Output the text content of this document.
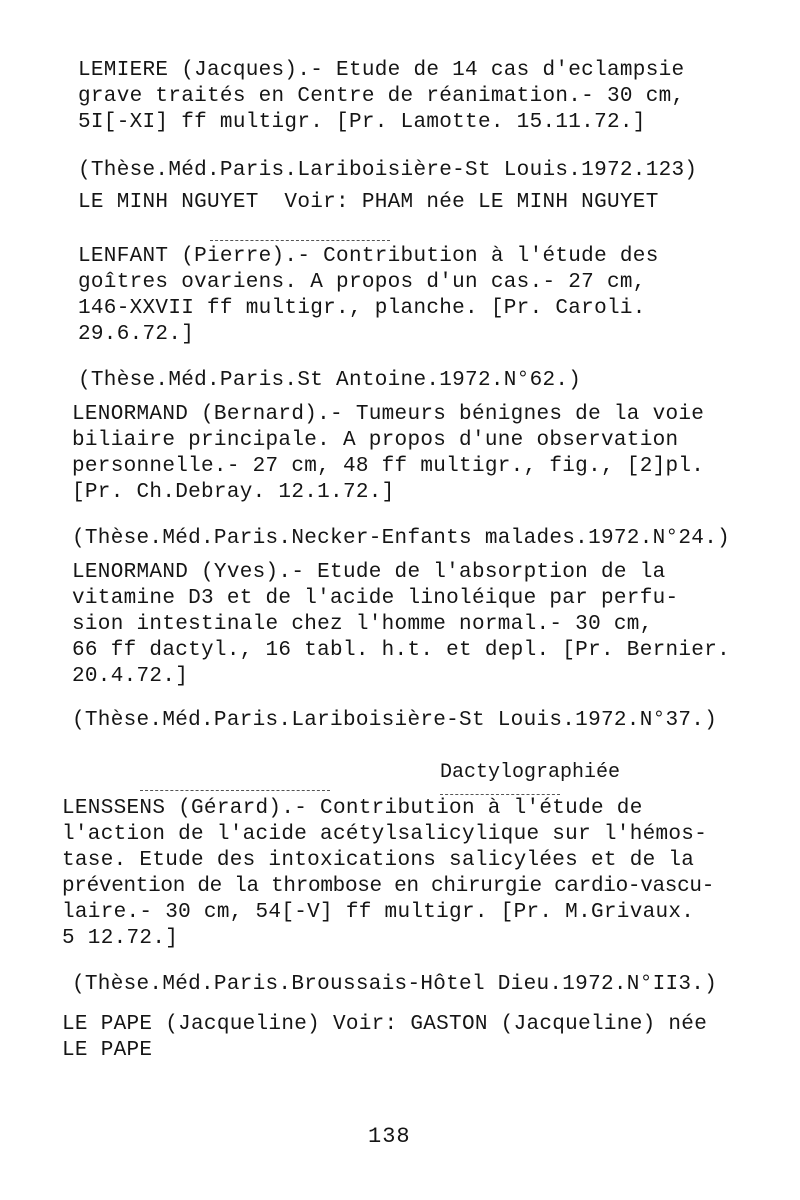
LEMIERE (Jacques).- Etude de 14 cas d'eclampsie
grave traités en Centre de réanimation.- 30 cm,
5I[-XI] ff multigr. [Pr. Lamotte. 15.11.72.]
(Thèse.Méd.Paris.Lariboisière-St Louis.1972.123)
LE MINH NGUYET  Voir: PHAM née LE MINH NGUYET
LENFANT (Pierre).- Contribution à l'étude des
goîtres ovariens. A propos d'un cas.- 27 cm,
146-XXVII ff multigr., planche. [Pr. Caroli.
29.6.72.]
(Thèse.Méd.Paris.St Antoine.1972.N°62.)
LENORMAND (Bernard).- Tumeurs bénignes de la voie
biliaire principale. A propos d'une observation
personnelle.- 27 cm, 48 ff multigr., fig., [2]pl.
[Pr. Ch.Debray. 12.1.72.]
(Thèse.Méd.Paris.Necker-Enfants malades.1972.N°24.)
LENORMAND (Yves).- Etude de l'absorption de la
vitamine D3 et de l'acide linoléique par perfu-
sion intestinale chez l'homme normal.- 30 cm,
66 ff dactyl., 16 tabl. h.t. et depl. [Pr. Bernier.
20.4.72.]
(Thèse.Méd.Paris.Lariboisière-St Louis.1972.N°37.)
Dactylographiée
LENSSENS (Gérard).- Contribution à l'étude de
l'action de l'acide acétylsalicylique sur l'hémos-
tase. Etude des intoxications salicylées et de la
prévention de la thrombose en chirurgie cardio-vascu-
laire.- 30 cm, 54[-V] ff multigr. [Pr. M.Grivaux.
5 12.72.]
(Thèse.Méd.Paris.Broussais-Hôtel Dieu.1972.N°II3.)
LE PAPE (Jacqueline) Voir: GASTON (Jacqueline) née
LE PAPE
138
